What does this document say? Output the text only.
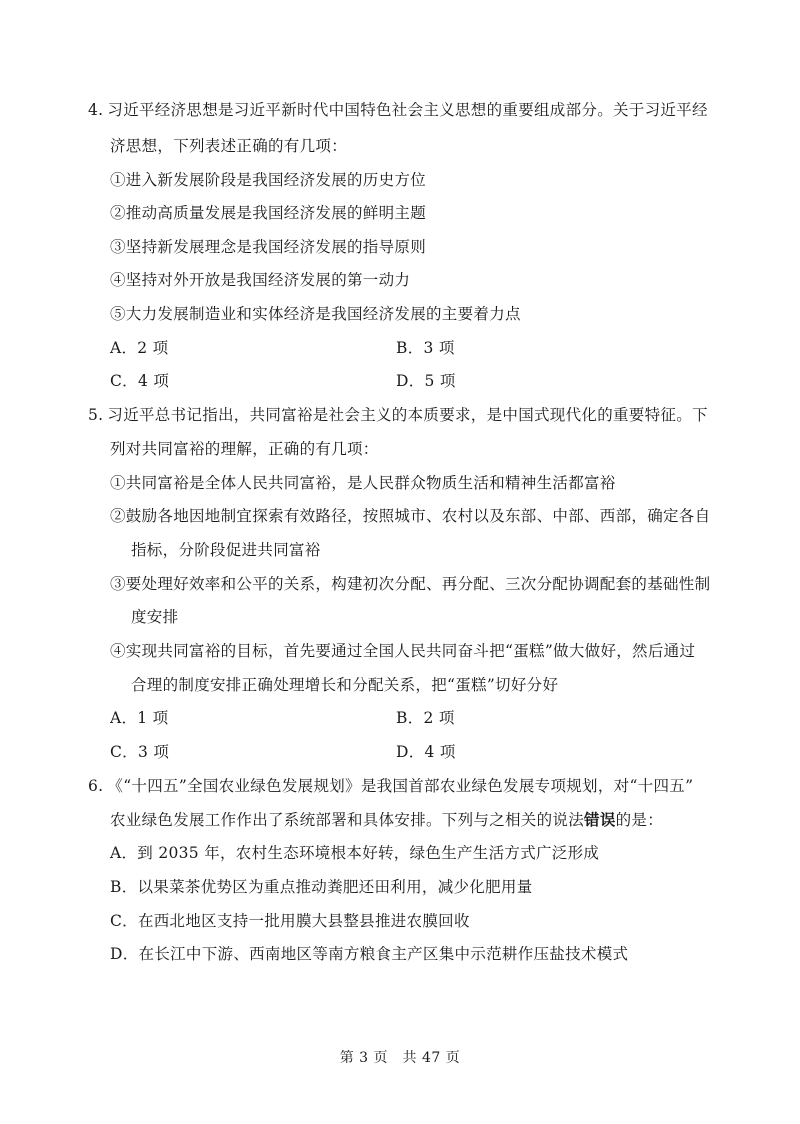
4. 习近平经济思想是习近平新时代中国特色社会主义思想的重要组成部分。关于习近平经
济思想，下列表述正确的有几项：
①进入新发展阶段是我国经济发展的历史方位
②推动高质量发展是我国经济发展的鲜明主题
③坚持新发展理念是我国经济发展的指导原则
④坚持对外开放是我国经济发展的第一动力
⑤大力发展制造业和实体经济是我国经济发展的主要着力点
A．2 项	B．3 项
C．4 项	D．5 项
5. 习近平总书记指出，共同富裕是社会主义的本质要求，是中国式现代化的重要特征。下
列对共同富裕的理解，正确的有几项：
①共同富裕是全体人民共同富裕，是人民群众物质生活和精神生活都富裕
②鼓励各地因地制宜探索有效路径，按照城市、农村以及东部、中部、西部，确定各自
指标，分阶段促进共同富裕
③要处理好效率和公平的关系，构建初次分配、再分配、三次分配协调配套的基础性制
度安排
④实现共同富裕的目标，首先要通过全国人民共同奋斗把“蛋糕”做大做好，然后通过
合理的制度安排正确处理增长和分配关系，把“蛋糕”切好分好
A．1 项	B．2 项
C．3 项	D．4 项
6. 《“十四五”全国农业绿色发展规划》是我国首部农业绿色发展专项规划，对“十四五”
农业绿色发展工作作出了系统部署和具体安排。下列与之相关的说法错误的是：
A．到 2035 年，农村生态环境根本好转，绿色生产生活方式广泛形成
B．以果菜茶优势区为重点推动粪肥还田利用，减少化肥用量
C．在西北地区支持一批用膜大县整县推进农膜回收
D．在长江中下游、西南地区等南方粮食主产区集中示范耕作压盐技术模式
第 3 页　共 47 页
